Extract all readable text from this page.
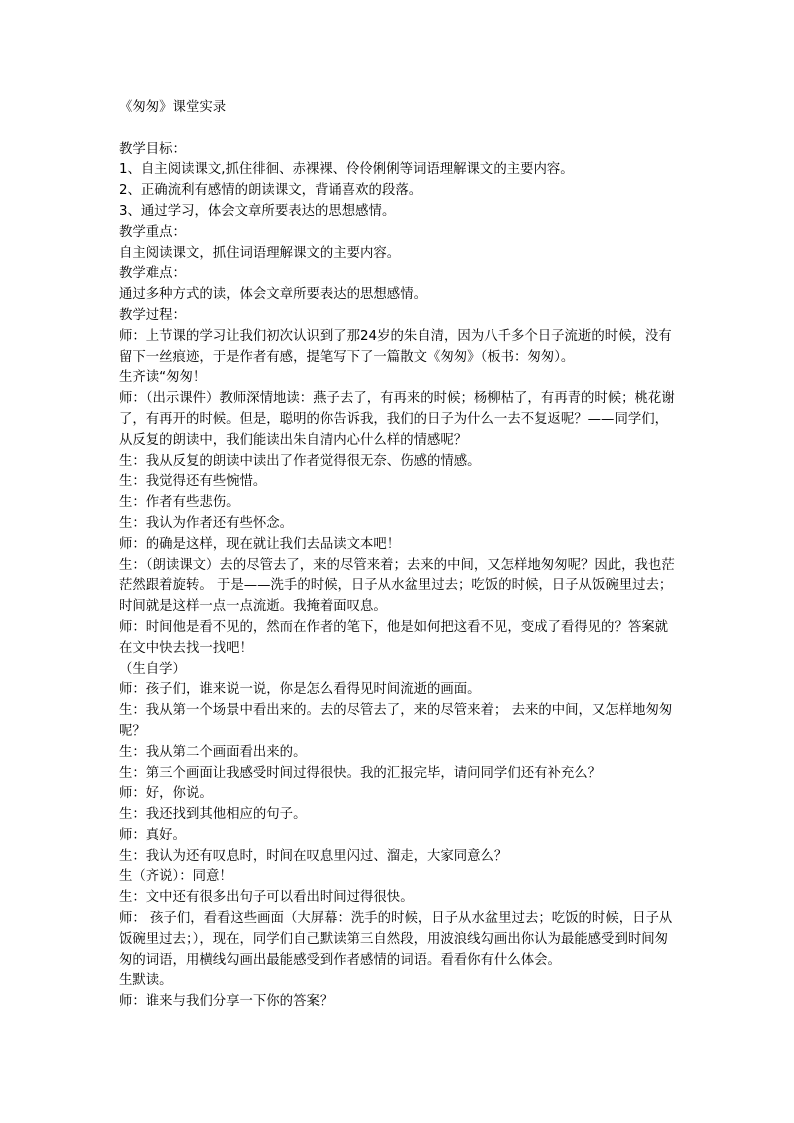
《匆匆》课堂实录

教学目标：

1、自主阅读课文,抓住徘徊、赤裸裸、伶伶俐俐等词语理解课文的主要内容。

2、正确流利有感情的朗读课文，背诵喜欢的段落。

3、通过学习，体会文章所要表达的思想感情。

教学重点：

自主阅读课文，抓住词语理解课文的主要内容。

教学难点：

通过多种方式的读，体会文章所要表达的思想感情。

教学过程：

师：上节课的学习让我们初次认识到了那24岁的朱自清，因为八千多个日子流逝的时候，没有留下一丝痕迹，于是作者有感，提笔写下了一篇散文《匆匆》（板书：匆匆）。

生齐读“匆匆！

师：（出示课件）教师深情地读：燕子去了，有再来的时候；杨柳枯了，有再青的时候；桃花谢了，有再开的时候。但是，聪明的你告诉我，我们的日子为什么一去不复返呢？——同学们，从反复的朗读中，我们能读出朱自清内心什么样的情感呢？

生：我从反复的朗读中读出了作者觉得很无奈、伤感的情感。

生：我觉得还有些惋惜。

生：作者有些悲伤。

生：我认为作者还有些怀念。

师：的确是这样，现在就让我们去品读文本吧！

生：（朗读课文）去的尽管去了，来的尽管来着；去来的中间，又怎样地匆匆呢？因此，我也茫茫然跟着旋转。 于是——洗手的时候，日子从水盆里过去；吃饭的时候，日子从饭碗里过去；时间就是这样一点一点流逝。我掩着面叹息。

师：时间他是看不见的，然而在作者的笔下，他是如何把这看不见，变成了看得见的？答案就在文中快去找一找吧！

（生自学）

师：孩子们，谁来说一说，你是怎么看得见时间流逝的画面。

生：我从第一个场景中看出来的。去的尽管去了，来的尽管来着； 去来的中间，又怎样地匆匆呢？

生：我从第二个画面看出来的。

生：第三个画面让我感受时间过得很快。我的汇报完毕，请问同学们还有补充么？

师：好，你说。

生：我还找到其他相应的句子。

师：真好。

生：我认为还有叹息时，时间在叹息里闪过、溜走，大家同意么？

生（齐说）：同意！

生：文中还有很多出句子可以看出时间过得很快。

师： 孩子们，看看这些画面（大屏幕：洗手的时候，日子从水盆里过去；吃饭的时候，日子从饭碗里过去；），现在，同学们自己默读第三自然段，用波浪线勾画出你认为最能感受到时间匆匆的词语，用横线勾画出最能感受到作者感情的词语。看看你有什么体会。

生默读。

师：谁来与我们分享一下你的答案？
